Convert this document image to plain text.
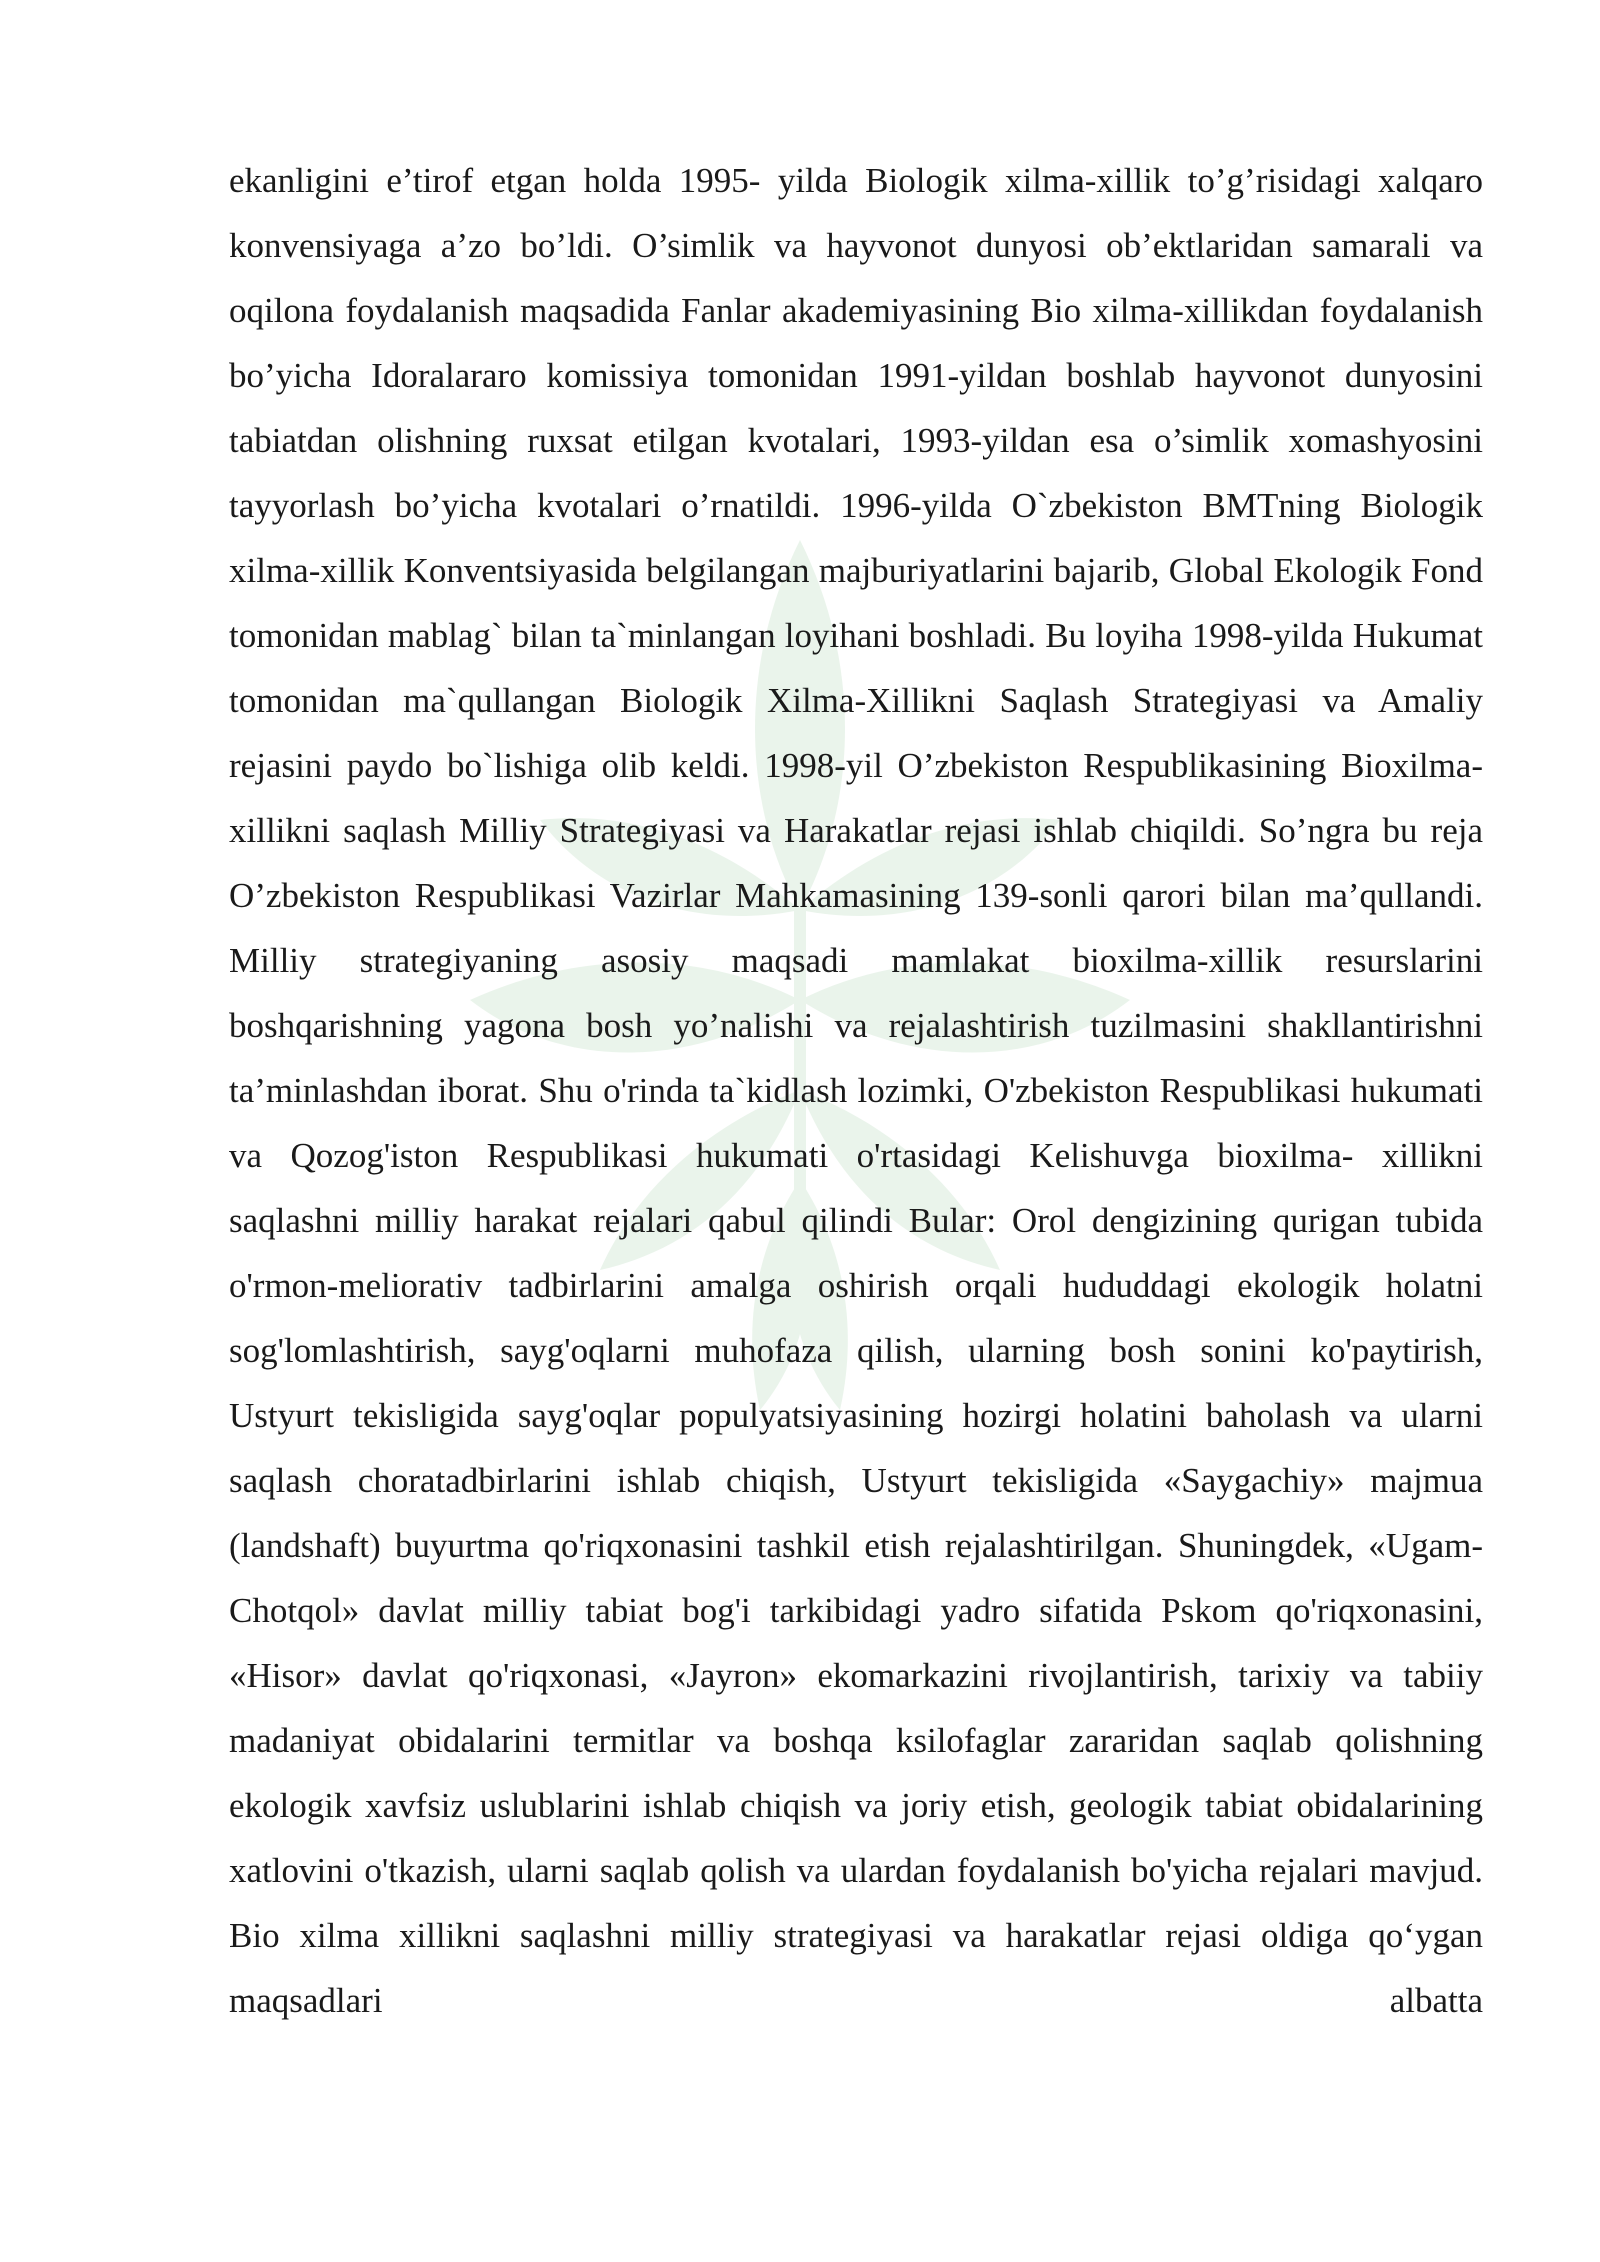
ekanligini e’tirof etgan holda 1995- yilda Biologik xilma-xillik to’g’risidagi xalqaro konvensiyaga a’zo bo’ldi. O’simlik va hayvonot dunyosi ob’ektlaridan samarali va oqilona foydalanish maqsadida Fanlar akademiyasining Bio xilma-xillikdan foydalanish bo’yicha Idoralararo komissiya tomonidan 1991-yildan boshlab hayvonot dunyosini tabiatdan olishning ruxsat etilgan kvotalari, 1993-yildan esa o’simlik xomashyosini tayyorlash bo’yicha kvotalari o’rnatildi. 1996-yilda O`zbekiston BMTning Biologik xilma-xillik Konventsiyasida belgilangan majburiyatlarini bajarib, Global Ekologik Fond tomonidan mablag` bilan ta`minlangan loyihani boshladi. Bu loyiha 1998-yilda Hukumat tomonidan ma`qullangan Biologik Xilma-Xillikni Saqlash Strategiyasi va Amaliy rejasini paydo bo`lishiga olib keldi. 1998-yil O’zbekiston Respublikasining Bioxilma-xillikni saqlash Milliy Strategiyasi va Harakatlar rejasi ishlab chiqildi. So’ngra bu reja O’zbekiston Respublikasi Vazirlar Mahkamasining 139-sonli qarori bilan ma’qullandi. Milliy strategiyaning asosiy maqsadi mamlakat bioxilma-xillik resurslarini boshqarishning yagona bosh yo’nalishi va rejalashtirish tuzilmasini shakllantirishni ta’minlashdan iborat. Shu o'rinda ta`kidlash lozimki, O'zbekiston Respublikasi hukumati va Qozog'iston Respublikasi hukumati o'rtasidagi Kelishuvga bioxilma- xillikni saqlashni milliy harakat rejalari qabul qilindi Bular: Orol dengizining qurigan tubida o'rmon-meliorativ tadbirlarini amalga oshirish orqali hududdagi ekologik holatni sog'lomlashtirish, sayg'oqlarni muhofaza qilish, ularning bosh sonini ko'paytirish, Ustyurt tekisligida sayg'oqlar populyatsiyasining hozirgi holatini baholash va ularni saqlash choratadbirlarini ishlab chiqish, Ustyurt tekisligida «Saygachiy» majmua (landshaft) buyurtma qo'riqxonasini tashkil etish rejalashtirilgan. Shuningdek, «Ugam-Chotqol» davlat milliy tabiat bog'i tarkibidagi yadro sifatida Pskom qo'riqxonasini, «Hisor» davlat qo'riqxonasi, «Jayron» ekomarkazini rivojlantirish, tarixiy va tabiiy madaniyat obidalarini termitlar va boshqa ksilofaglar zararidan saqlab qolishning ekologik xavfsiz uslublarini ishlab chiqish va joriy etish, geologik tabiat obidalarining xatlovini o'tkazish, ularni saqlab qolish va ulardan foydalanish bo'yicha rejalari mavjud. Bio xilma xillikni saqlashni milliy strategiyasi va harakatlar rejasi oldiga qo‘ygan maqsadlari albatta
